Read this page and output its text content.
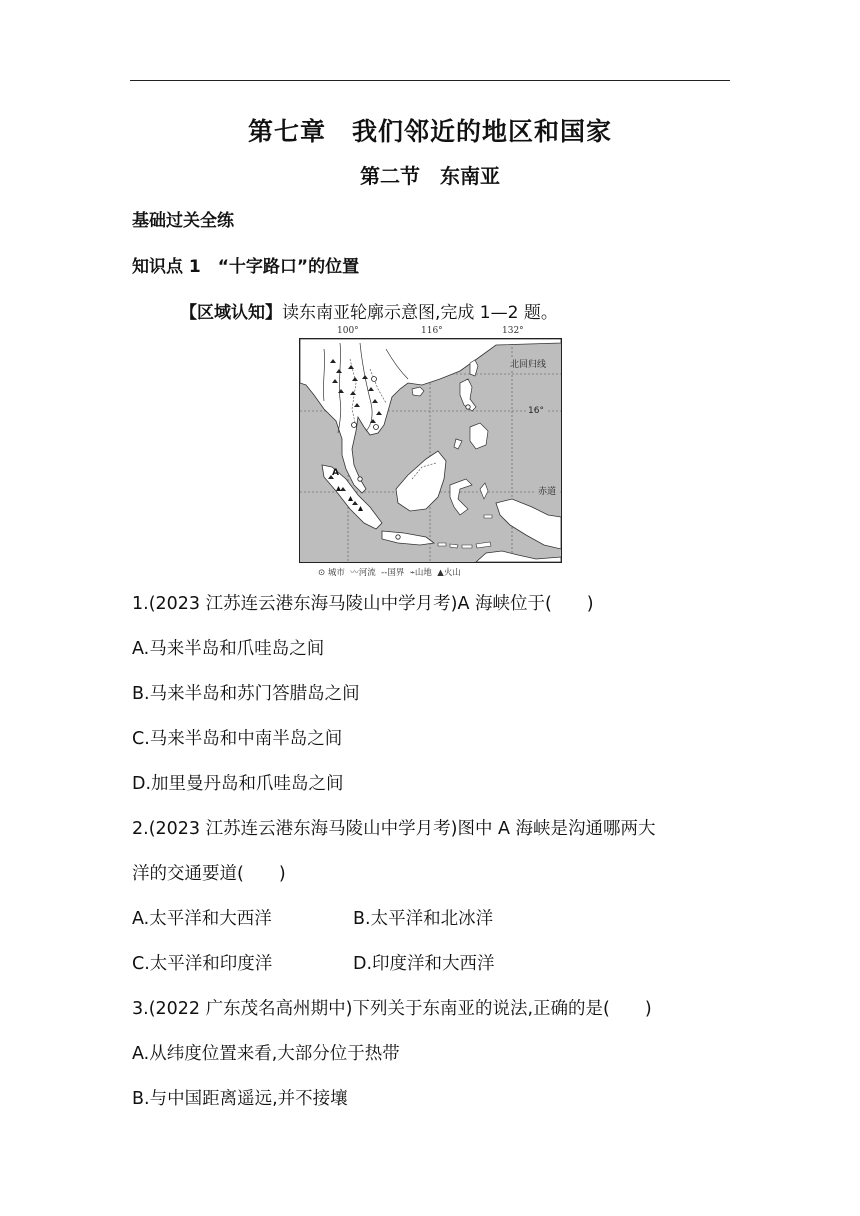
第七章　我们邻近的地区和国家
第二节　东南亚
基础过关全练
知识点 1　“十字路口”的位置
【区域认知】读东南亚轮廓示意图,完成 1—2 题。
100°	116°	132°
A
北回归线
16°
赤道
⊙ 城市 〰河流 --国界 ⌁山地 ▲火山
1.(2023 江苏连云港东海马陵山中学月考)A 海峡位于(　　)
A.马来半岛和爪哇岛之间
B.马来半岛和苏门答腊岛之间
C.马来半岛和中南半岛之间
D.加里曼丹岛和爪哇岛之间
2.(2023 江苏连云港东海马陵山中学月考)图中 A 海峡是沟通哪两大
洋的交通要道(　　)
A.太平洋和大西洋	B.太平洋和北冰洋
C.太平洋和印度洋	D.印度洋和大西洋
3.(2022 广东茂名高州期中)下列关于东南亚的说法,正确的是(　　)
A.从纬度位置来看,大部分位于热带
B.与中国距离遥远,并不接壤
